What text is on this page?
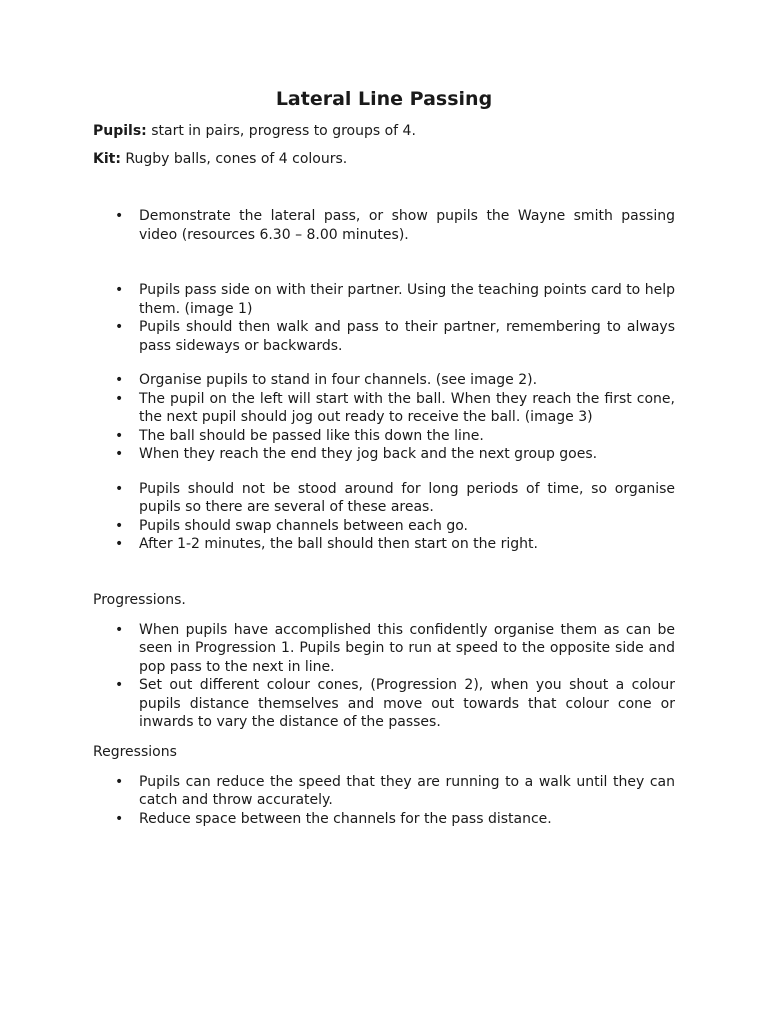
Lateral Line Passing

Pupils: start in pairs, progress to groups of 4.

Kit: Rugby balls, cones of 4 colours.

• Demonstrate the lateral pass, or show pupils the Wayne smith passing video (resources 6.30 – 8.00 minutes).
• Pupils pass side on with their partner. Using the teaching points card to help them. (image 1)
• Pupils should then walk and pass to their partner, remembering to always pass sideways or backwards.
• Organise pupils to stand in four channels. (see image 2).
• The pupil on the left will start with the ball. When they reach the first cone, the next pupil should jog out ready to receive the ball. (image 3)
• The ball should be passed like this down the line.
• When they reach the end they jog back and the next group goes.
• Pupils should not be stood around for long periods of time, so organise pupils so there are several of these areas.
• Pupils should swap channels between each go.
• After 1-2 minutes, the ball should then start on the right.

Progressions.

• When pupils have accomplished this confidently organise them as can be seen in Progression 1. Pupils begin to run at speed to the opposite side and pop pass to the next in line.
• Set out different colour cones, (Progression 2), when you shout a colour pupils distance themselves and move out towards that colour cone or inwards to vary the distance of the passes.

Regressions

• Pupils can reduce the speed that they are running to a walk until they can catch and throw accurately.
• Reduce space between the channels for the pass distance.
